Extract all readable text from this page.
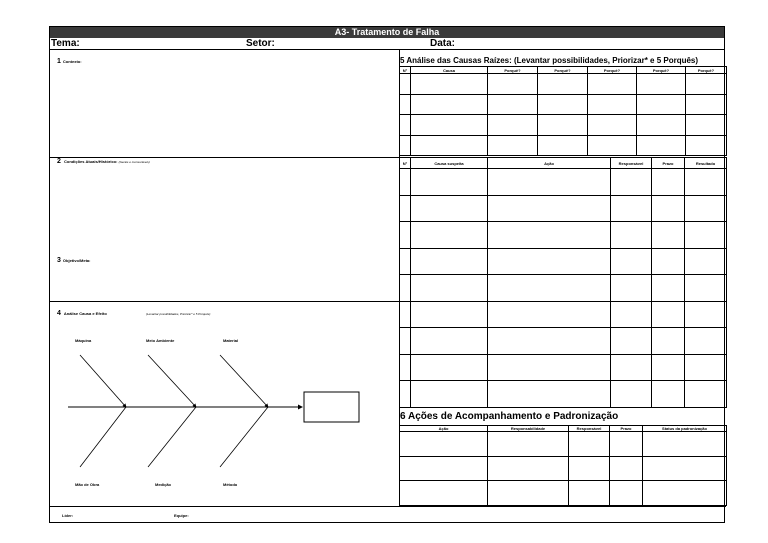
A3- Tratamento de Falha
Tema:	Setor:	Data:
1 Contexto:
2 Condições Atuais/Histórico: (Gerais e mensuráveis)
3 Objetivo/Meta:
4 Análise Causa e Efeito	(Levantar possibilidades, Priorizar* e 5 Porquês)
Máquina	Meio Ambiente	Material
Mão de Obra	Medição	Método
Líder:	Equipe:
5 Análise das Causas Raízes: (Levantar possibilidades, Priorizar* e 5 Porquês)
N°	Causa	Porquê?	Porquê?	Porquê?	Porquê?	Porquê?

N°	Causa suspeita	Ação	Responsável	Prazo	Resultado

6 Ações de Acompanhamento e Padronização
Ação	Responsabilidade	Responsável	Prazo	Status da padronização
